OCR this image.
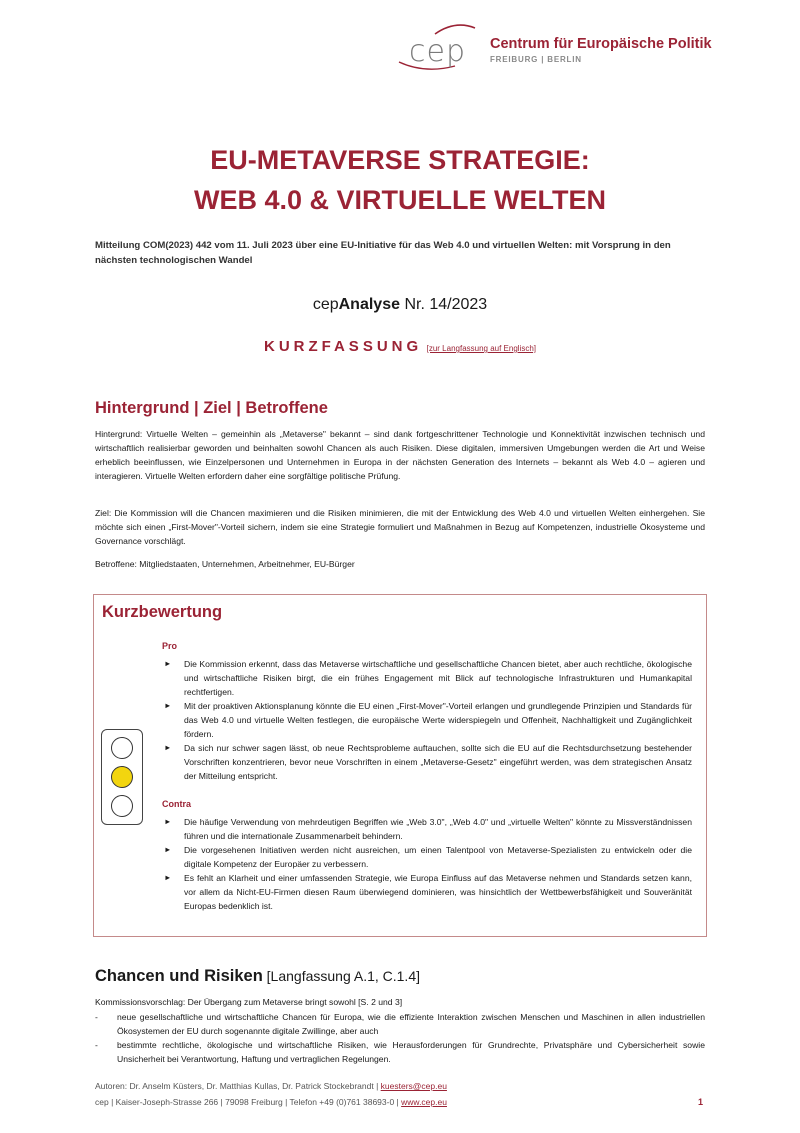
cep Centrum für Europäische Politik
FREIBURG | BERLIN
EU-METAVERSE STRATEGIE:
WEB 4.0 & VIRTUELLE WELTEN
Mitteilung COM(2023) 442 vom 11. Juli 2023 über eine EU-Initiative für das Web 4.0 und virtuellen Welten: mit Vorsprung in den nächsten technologischen Wandel
cepAnalyse Nr. 14/2023
KURZFASSUNG [zur Langfassung auf Englisch]
Hintergrund | Ziel | Betroffene

Hintergrund: Virtuelle Welten – gemeinhin als „Metaverse" bekannt – sind dank fortgeschrittener Technologie und Konnektivität inzwischen technisch und wirtschaftlich realisierbar geworden und beinhalten sowohl Chancen als auch Risiken. Diese digitalen, immersiven Umgebungen werden die Art und Weise erheblich beeinflussen, wie Einzelpersonen und Unternehmen in Europa in der nächsten Generation des Internets – bekannt als Web 4.0 – agieren und interagieren. Virtuelle Welten erfordern daher eine sorgfältige politische Prüfung.

Ziel: Die Kommission will die Chancen maximieren und die Risiken minimieren, die mit der Entwicklung des Web 4.0 und virtuellen Welten einhergehen. Sie möchte sich einen „First-Mover"-Vorteil sichern, indem sie eine Strategie formuliert und Maßnahmen in Bezug auf Kompetenzen, industrielle Ökosysteme und Governance vorschlägt.

Betroffene: Mitgliedstaaten, Unternehmen, Arbeitnehmer, EU-Bürger

Kurzbewertung
Pro
► Die Kommission erkennt, dass das Metaverse wirtschaftliche und gesellschaftliche Chancen bietet, aber auch rechtliche, ökologische und wirtschaftliche Risiken birgt, die ein frühes Engagement mit Blick auf technologische Infrastrukturen und Humankapital rechtfertigen.
► Mit der proaktiven Aktionsplanung könnte die EU einen „First-Mover"-Vorteil erlangen und grundlegende Prinzipien und Standards für das Web 4.0 und virtuelle Welten festlegen, die europäische Werte widerspiegeln und Offenheit, Nachhaltigkeit und Zugänglichkeit fördern.
► Da sich nur schwer sagen lässt, ob neue Rechtsprobleme auftauchen, sollte sich die EU auf die Rechtsdurchsetzung bestehender Vorschriften konzentrieren, bevor neue Vorschriften in einem „Metaverse-Gesetz" eingeführt werden, was dem strategischen Ansatz der Mitteilung entspricht.
Contra
► Die häufige Verwendung von mehrdeutigen Begriffen wie „Web 3.0", „Web 4.0" und „virtuelle Welten" könnte zu Missverständnissen führen und die internationale Zusammenarbeit behindern.
► Die vorgesehenen Initiativen werden nicht ausreichen, um einen Talentpool von Metaverse-Spezialisten zu entwickeln oder die digitale Kompetenz der Europäer zu verbessern.
► Es fehlt an Klarheit und einer umfassenden Strategie, wie Europa Einfluss auf das Metaverse nehmen und Standards setzen kann, vor allem da Nicht-EU-Firmen diesen Raum überwiegend dominieren, was hinsichtlich der Wettbewerbsfähigkeit und Souveränität Europas bedenklich ist.
Chancen und Risiken [Langfassung A.1, C.1.4]

Kommissionsvorschlag: Der Übergang zum Metaverse bringt sowohl [S. 2 und 3]

- neue gesellschaftliche und wirtschaftliche Chancen für Europa, wie die effiziente Interaktion zwischen Menschen und Maschinen in allen industriellen Ökosystemen der EU durch sogenannte digitale Zwillinge, aber auch
- bestimmte rechtliche, ökologische und wirtschaftliche Risiken, wie Herausforderungen für Grundrechte, Privatsphäre und Cybersicherheit sowie Unsicherheit bei Verantwortung, Haftung und vertraglichen Regelungen.
Autoren: Dr. Anselm Küsters, Dr. Matthias Kullas, Dr. Patrick Stockebrandt | kuesters@cep.eu
cep | Kaiser-Joseph-Strasse 266 | 79098 Freiburg | Telefon +49 (0)761 38693-0 | www.cep.eu	1
